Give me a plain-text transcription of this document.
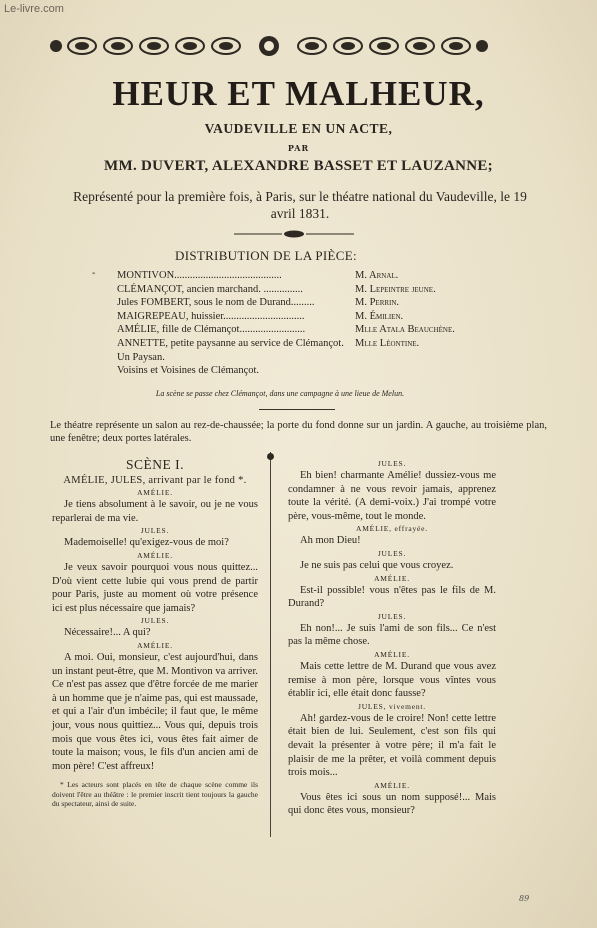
Le-livre.com
HEUR ET MALHEUR,
VAUDEVILLE EN UN ACTE,
PAR
MM. DUVERT, ALEXANDRE BASSET ET LAUZANNE;
Représenté pour la première fois, à Paris, sur le théatre national du Vaudeville, le 19 avril 1831.
DISTRIBUTION DE LA PIÈCE:
- MONTIVON.........................................	M. Arnal.
CLÉMANÇOT, ancien marchand. ...............	M. Lepeintre jeune.
Jules FOMBERT, sous le nom de Durand.........	M. Perrin.
MAIGREPEAU, huissier...............................	M. Émilien.
AMÉLIE, fille de Clémançot.........................	Mlle Atala Beauchène.
ANNETTE, petite paysanne au service de Clémançot. Mlle Léontine.
Un Paysan.
Voisins et Voisines de Clémançot.
La scène se passe chez Clémançot, dans une campagne à une lieue de Melun.
Le théatre représente un salon au rez-de-chaussée; la porte du fond donne sur un jardin. A gauche, au troisième plan, une fenêtre; deux portes latérales.
SCÈNE I.
AMÉLIE, JULES, arrivant par le fond *.
AMÉLIE.

Je tiens absolument à le savoir, ou je ne vous reparlerai de ma vie.

JULES.

Mademoiselle! qu'exigez-vous de moi?

AMÉLIE.

Je veux savoir pourquoi vous nous quittez... D'où vient cette lubie qui vous prend de partir pour Paris, juste au moment où votre présence ici est plus nécessaire que jamais?

JULES.

Nécessaire!... A qui?

AMÉLIE.

A moi. Oui, monsieur, c'est aujourd'hui, dans un instant peut-être, que M. Montivon va arriver. Ce n'est pas assez que d'être forcée de me marier à un homme que je n'aime pas, qui est maussade, et qui a l'air d'un imbécile; il faut que, le même jour, vous nous quittiez... Vous qui, depuis trois mois que vous êtes ici, vous êtes fait aimer de toute la maison; vous, le fils d'un ancien ami de mon père! C'est affreux!

* Les acteurs sont placés en tête de chaque scène comme ils doivent l'être au théâtre : le premier inscrit tient toujours la gauche du spectateur, ainsi de suite.

JULES.

Eh bien! charmante Amélie! dussiez-vous me condamner à ne vous revoir jamais, apprenez toute la vérité. (A demi-voix.) J'ai trompé votre père, vous-même, tout le monde.

AMÉLIE, effrayée.

Ah mon Dieu!

JULES.

Je ne suis pas celui que vous croyez.

AMÉLIE.

Est-il possible! vous n'êtes pas le fils de M. Durand?

JULES.

Eh non!... Je suis l'ami de son fils... Ce n'est pas la même chose.

AMÉLIE.

Mais cette lettre de M. Durand que vous avez remise à mon père, lorsque vous vîntes vous établir ici, elle était donc fausse?

JULES, vivement.

Ah! gardez-vous de le croire! Non! cette lettre était bien de lui. Seulement, c'est son fils qui devait la présenter à votre père; il m'a fait le plaisir de me la prêter, et voilà comment depuis trois mois...

AMÉLIE.

Vous êtes ici sous un nom supposé!... Mais qui donc êtes vous, monsieur?

89
